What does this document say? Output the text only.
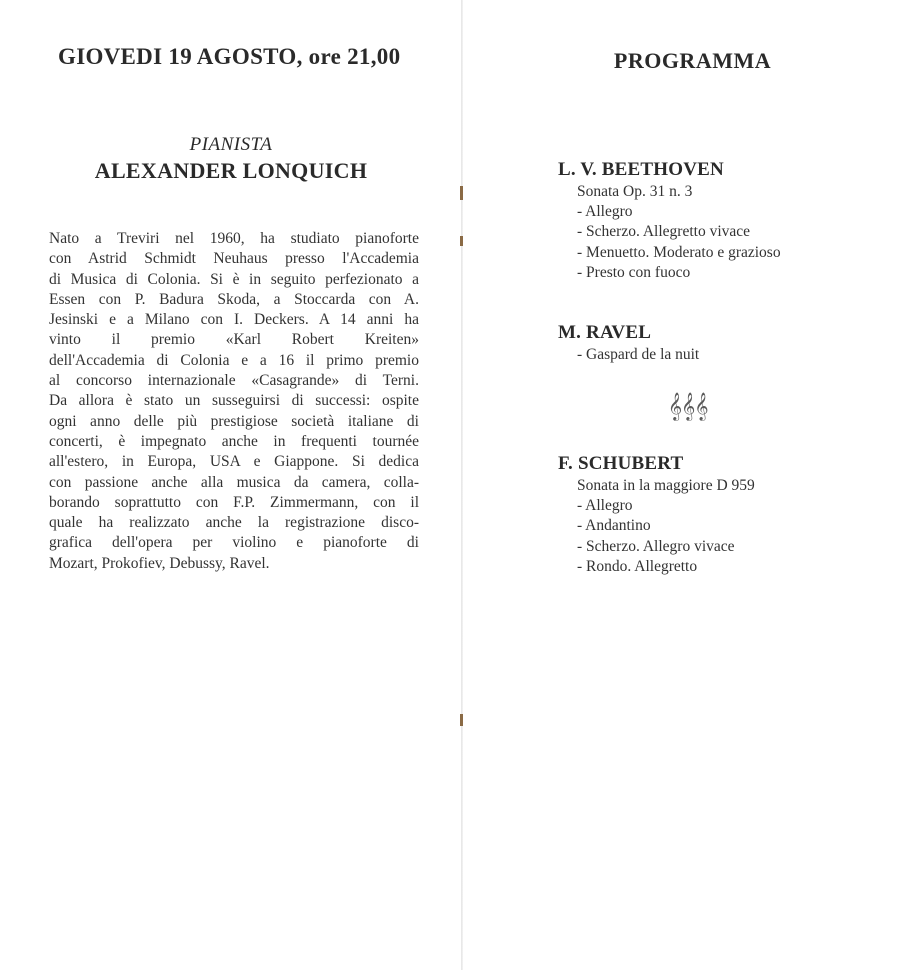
GIOVEDI 19 AGOSTO, ore 21,00
PIANISTA
ALEXANDER LONQUICH
Nato a Treviri nel 1960, ha studiato pianoforte
con Astrid Schmidt Neuhaus presso l'Accademia
di Musica di Colonia. Si è in seguito perfezionato a
Essen con P. Badura Skoda, a Stoccarda con A.
Jesinski e a Milano con I. Deckers. A 14 anni ha
vinto il premio «Karl Robert Kreiten»
dell'Accademia di Colonia e a 16 il primo premio
al concorso internazionale «Casagrande» di Terni.
Da allora è stato un susseguirsi di successi: ospite
ogni anno delle più prestigiose società italiane di
concerti, è impegnato anche in frequenti tournée
all'estero, in Europa, USA e Giappone. Si dedica
con passione anche alla musica da camera, colla-
borando soprattutto con F.P. Zimmermann, con il
quale ha realizzato anche la registrazione disco-
grafica dell'opera per violino e pianoforte di
Mozart, Prokofiev, Debussy, Ravel.
PROGRAMMA
L. V. BEETHOVEN
Sonata Op. 31 n. 3
- Allegro
- Scherzo. Allegretto vivace
- Menuetto. Moderato e grazioso
- Presto con fuoco
M. RAVEL
- Gaspard de la nuit
𝄞𝄞𝄞
F. SCHUBERT
Sonata in la maggiore D 959
- Allegro
- Andantino
- Scherzo. Allegro vivace
- Rondo. Allegretto
